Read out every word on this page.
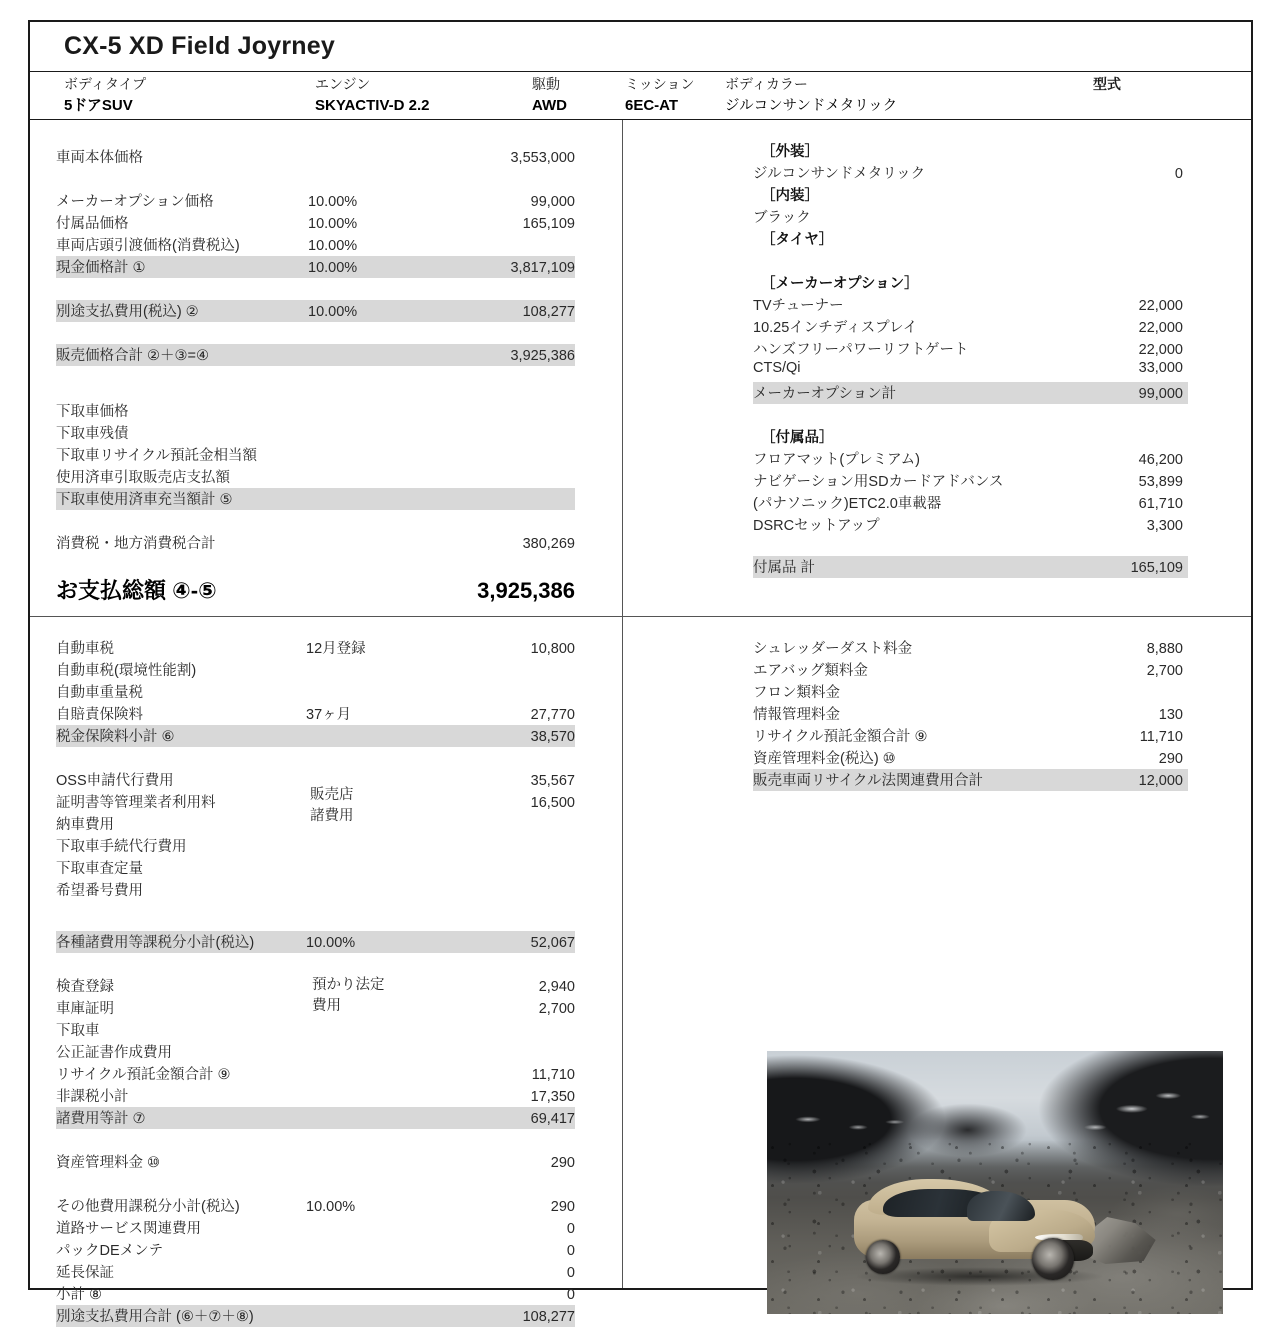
CX-5 XD Field Joyrney
ボディタイプ
5ドアSUV
エンジン
SKYACTIV-D 2.2
駆動
AWD
ミッション
6EC-AT
ボディカラー
ジルコンサンドメタリック
型式
車両本体価格	3,553,000
メーカーオプション価格	10.00%	99,000
付属品価格	10.00%	165,109
車両店頭引渡価格(消費税込)	10.00%
現金価格計 ①	10.00%	3,817,109
別途支払費用(税込) ②	10.00%	108,277
販売価格合計 ②＋③=④	3,925,386
下取車価格
下取車残債
下取車リサイクル預託金相当額
使用済車引取販売店支払額
下取車使用済車充当額計 ⑤
消費税・地方消費税合計	380,269
お支払総額 ④-⑤	3,925,386
［外装］
ジルコンサンドメタリック	0
［内装］
ブラック
［タイヤ］
［メーカーオプション］
TVチューナー	22,000
10.25インチディスプレイ	22,000
ハンズフリーパワーリフトゲート	22,000
CTS/Qi	33,000
メーカーオプション計	99,000
［付属品］
フロアマット(プレミアム)	46,200
ナビゲーション用SDカードアドバンス	53,899
(パナソニック)ETC2.0車載器	61,710
DSRCセットアップ	3,300
付属品 計	165,109
自動車税	12月登録	10,800
自動車税(環境性能割)
自動車重量税
自賠責保険料	37ヶ月	27,770
税金保険料小計 ⑥	38,570
販売店
諸費用
OSS申請代行費用	35,567
証明書等管理業者利用料	16,500
納車費用
下取車手続代行費用
下取車査定量
希望番号費用
各種諸費用等課税分小計(税込)	10.00%	52,067
預かり法定
費用
検査登録	2,940
車庫証明	2,700
下取車
公正証書作成費用
リサイクル預託金額合計 ⑨	11,710
非課税小計	17,350
諸費用等計 ⑦	69,417
資産管理料金 ⑩	290
その他費用課税分小計(税込)	10.00%	290
道路サービス関連費用	0
パックDEメンテ	0
延長保証	0
小計 ⑧	0
別途支払費用合計 (⑥＋⑦＋⑧)	108,277
シュレッダーダスト料金	8,880
エアバッグ類料金	2,700
フロン類料金
情報管理料金	130
リサイクル預託金額合計 ⑨	11,710
資産管理料金(税込) ⑩	290
販売車両リサイクル法関連費用合計	12,000
